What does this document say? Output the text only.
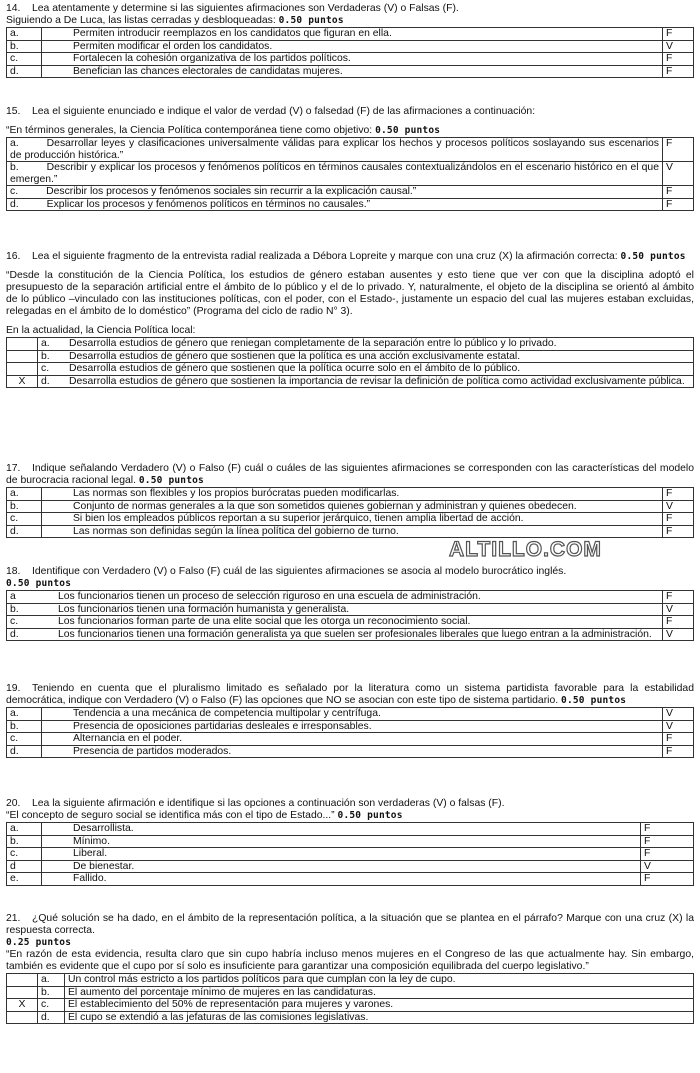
14. Lea atentamente y determine si las siguientes afirmaciones son Verdaderas (V) o Falsas (F).

Siguiendo a De Luca, las listas cerradas y desbloqueadas: 0.50 puntos

a.	Permiten introducir reemplazos en los candidatos que figuran en ella.	F
b.	Permiten modificar el orden los candidatos.	V
c.	Fortalecen la cohesión organizativa de los partidos políticos.	F
d.	Benefician las chances electorales de candidatas mujeres.	F

15. Lea el siguiente enunciado e indique el valor de verdad (V) o falsedad (F) de las afirmaciones a continuación:

“En términos generales, la Ciencia Política contemporánea tiene como objetivo: 0.50 puntos

a. Desarrollar leyes y clasificaciones universalmente válidas para explicar los hechos y procesos políticos soslayando sus escenarios de producción histórica.”	F
b. Describir y explicar los procesos y fenómenos políticos en términos causales contextualizándolos en el escenario histórico en el que emergen.”	V
c. Describir los procesos y fenómenos sociales sin recurrir a la explicación causal.”	F
d. Explicar los procesos y fenómenos políticos en términos no causales.”	F

16. Lea el siguiente fragmento de la entrevista radial realizada a Débora Lopreite y marque con una cruz (X) la afirmación correcta: 0.50 puntos

“Desde la constitución de la Ciencia Política, los estudios de género estaban ausentes y esto tiene que ver con que la disciplina adoptó el presupuesto de la separación artificial entre el ámbito de lo público y el de lo privado. Y, naturalmente, el objeto de la disciplina se orientó al ámbito de lo público –vinculado con las instituciones políticas, con el poder, con el Estado-, justamente un espacio del cual las mujeres estaban excluidas, relegadas en el ámbito de lo doméstico” (Programa del ciclo de radio N° 3).

En la actualidad, la Ciencia Política local:

	a. Desarrolla estudios de género que reniegan completamente de la separación entre lo público y lo privado.
	b. Desarrolla estudios de género que sostienen que la política es una acción exclusivamente estatal.
	c. Desarrolla estudios de género que sostienen que la política ocurre solo en el ámbito de lo público.
X	d. Desarrolla estudios de género que sostienen la importancia de revisar la definición de política como actividad exclusivamente pública.

17. Indique señalando Verdadero (V) o Falso (F) cuál o cuáles de las siguientes afirmaciones se corresponden con las características del modelo de burocracia racional legal. 0.50 puntos

a.	Las normas son flexibles y los propios burócratas pueden modificarlas.	F
b.	Conjunto de normas generales a la que son sometidos quienes gobiernan y administran y quienes obedecen.	V
c.	Si bien los empleados públicos reportan a su superior jerárquico, tienen amplia libertad de acción.	F
d.	Las normas son definidas según la línea política del gobierno de turno.	F
ALTILLO.COM

18. Identifique con Verdadero (V) o Falso (F) cuál de las siguientes afirmaciones se asocia al modelo burocrático inglés.

0.50 puntos

a Los funcionarios tienen un proceso de selección riguroso en una escuela de administración.	F
b. Los funcionarios tienen una formación humanista y generalista.	V
c. Los funcionarios forman parte de una elite social que les otorga un reconocimiento social.	F
d. Los funcionarios tienen una formación generalista ya que suelen ser profesionales liberales que luego entran a la administración.	V

19. Teniendo en cuenta que el pluralismo limitado es señalado por la literatura como un sistema partidista favorable para la estabilidad democrática, indique con Verdadero (V) o Falso (F) las opciones que NO se asocian con este tipo de sistema partidario. 0.50 puntos

a.	Tendencia a una mecánica de competencia multipolar y centrífuga.	V
b.	Presencia de oposiciones partidarias desleales e irresponsables.	V
c.	Alternancia en el poder.	F
d.	Presencia de partidos moderados.	F

20. Lea la siguiente afirmación e identifique si las opciones a continuación son verdaderas (V) o falsas (F).

“El concepto de seguro social se identifica más con el tipo de Estado...” 0.50 puntos

a.	Desarrollista.	F
b.	Mínimo.	F
c.	Liberal.	F
d	De bienestar.	V
e.	Fallido.	F

21. ¿Qué solución se ha dado, en el ámbito de la representación política, a la situación que se plantea en el párrafo? Marque con una cruz (X) la respuesta correcta.

0.25 puntos

“En razón de esta evidencia, resulta claro que sin cupo habría incluso menos mujeres en el Congreso de las que actualmente hay. Sin embargo, también es evidente que el cupo por sí solo es insuficiente para garantizar una composición equilibrada del cuerpo legislativo.”

	a.	Un control más estricto a los partidos políticos para que cumplan con la ley de cupo.
	b.	El aumento del porcentaje mínimo de mujeres en las candidaturas.
X	c.	El establecimiento del 50% de representación para mujeres y varones.
	d.	El cupo se extendió a las jefaturas de las comisiones legislativas.
